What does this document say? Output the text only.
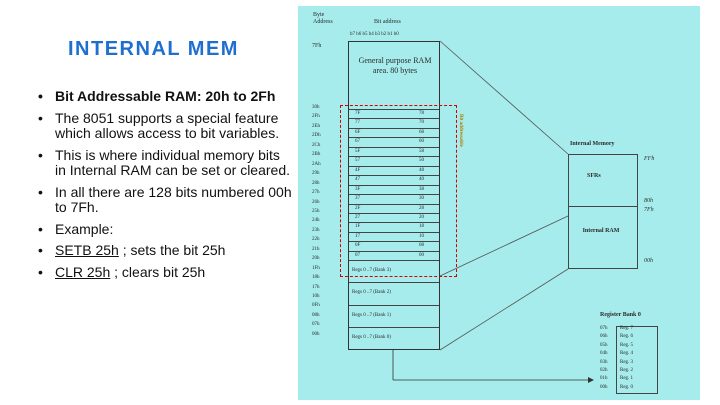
INTERNAL MEM
• Bit Addressable RAM: 20h to 2Fh
• The 8051 supports a special feature which allows access to bit variables.
• This is where individual memory bits in Internal RAM can be set or cleared.
• In all there are 128 bits numbered 00h to 7Fh.
• Example:
• SETB 25h ; sets the bit 25h
• CLR 25h ; clears bit 25h
Byte Address	Bit address
b7 b6 b5 b4 b3 b2 b1 b0
7Fh
General purpose RAM area. 80 bytes
7F	78
77	70
6F	68
67	60
5F	58
57	50
4F	48
47	40
3F	38
37	30
2F	28
27	20
1F	18
17	10
0F	08
07	00
Regs 0 ..7 (Bank 3)
Regs 0 ..7 (Bank 2)
Regs 0 ..7 (Bank 1)
Regs 0 ..7 (Bank 0)
Bit addressable	Internal Memory
SFRs
Internal RAM
FFh
80h
7Fh
00h
Register Bank 0
30h
2Fh
2Eh
2Dh
2Ch
2Bh
2Ah
29h
28h
27h
26h
25h
24h
23h
22h
21h
20h
1Fh
18h
17h
10h
0Fh
08h
07h
00h
07h	Reg. 7
06h	Reg. 6
05h	Reg. 5
04h	Reg. 4
03h	Reg. 3
02h	Reg. 2
01h	Reg. 1
00h	Reg. 0
